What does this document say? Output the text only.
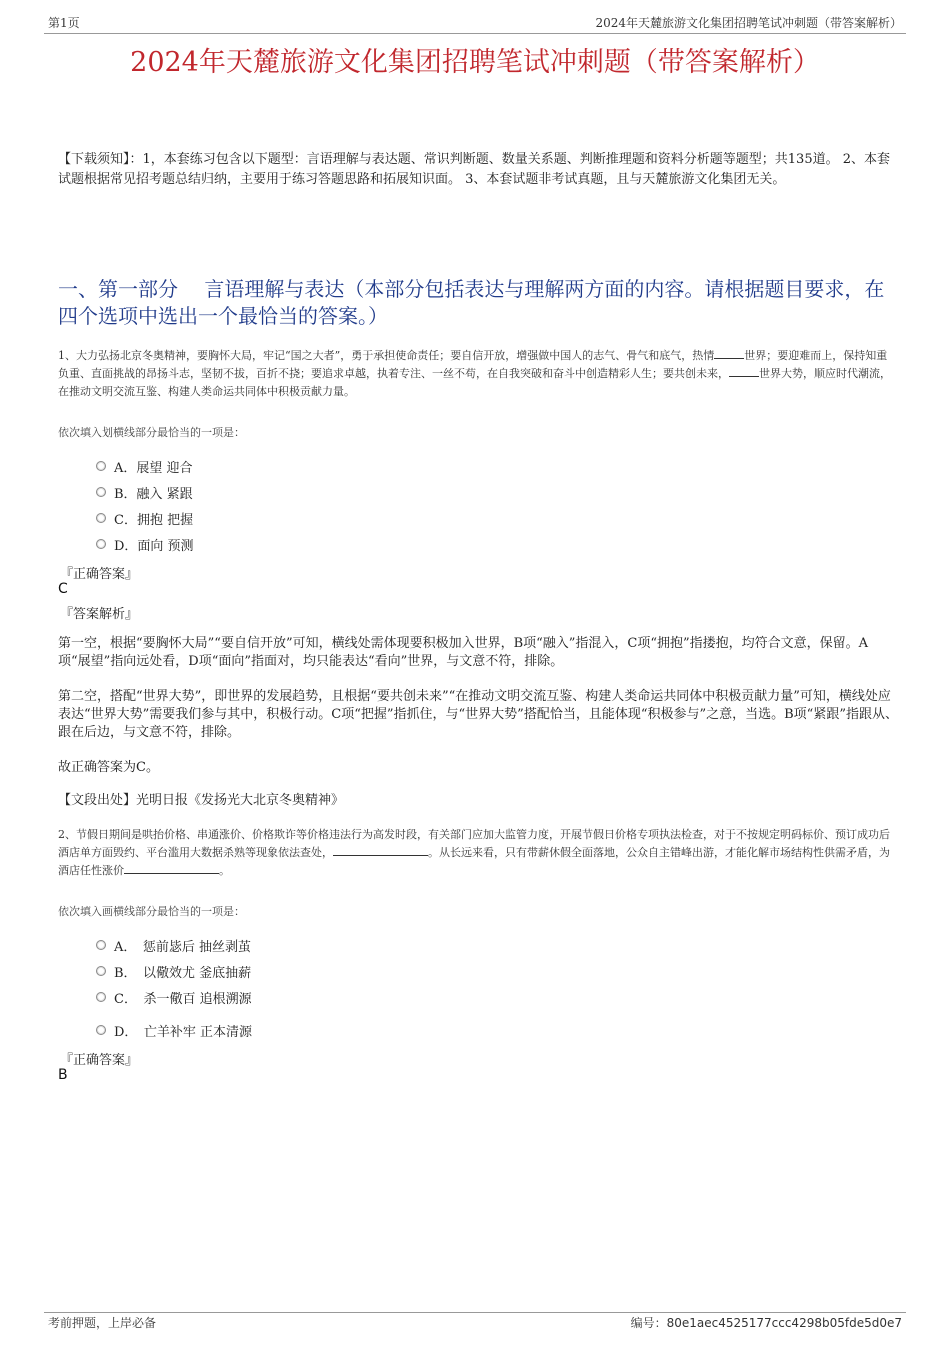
第1页	2024年天麓旅游文化集团招聘笔试冲刺题（带答案解析）
2024年天麓旅游文化集团招聘笔试冲刺题（带答案解析）
【下载须知】：1，本套练习包含以下题型：言语理解与表达题、常识判断题、数量关系题、判断推理题和资料分析题等题型；共135道。 2、本套试题根据常见招考题总结归纳，主要用于练习答题思路和拓展知识面。 3、本套试题非考试真题，且与天麓旅游文化集团无关。
一、第一部分　 言语理解与表达（本部分包括表达与理解两方面的内容。请根据题目要求，在四个选项中选出一个最恰当的答案。）
1、大力弘扬北京冬奥精神，要胸怀大局，牢记“国之大者”，勇于承担使命责任；要自信开放，增强做中国人的志气、骨气和底气，热情	世界；要迎难而上，保持知重负重、直面挑战的昂扬斗志，坚韧不拔，百折不挠；要追求卓越，执着专注、一丝不苟，在自我突破和奋斗中创造精彩人生；要共创未来，	世界大势，顺应时代潮流，在推动文明交流互鉴、构建人类命运共同体中积极贡献力量。
依次填入划横线部分最恰当的一项是：
A．展望 迎合
B．融入 紧跟
C．拥抱 把握
D．面向 预测
『正确答案』
C
『答案解析』
第一空，根据“要胸怀大局”“要自信开放”可知，横线处需体现要积极加入世界，B项“融入”指混入，C项“拥抱”指搂抱，均符合文意，保留。A项“展望”指向远处看，D项“面向”指面对，均只能表达“看向”世界，与文意不符，排除。
第二空，搭配“世界大势”，即世界的发展趋势，且根据“要共创未来”“在推动文明交流互鉴、构建人类命运共同体中积极贡献力量”可知，横线处应表达“世界大势”需要我们参与其中，积极行动。C项“把握”指抓住，与“世界大势”搭配恰当，且能体现“积极参与”之意，当选。B项“紧跟”指跟从、跟在后边，与文意不符，排除。
故正确答案为C。
【文段出处】光明日报《发扬光大北京冬奥精神》
2、节假日期间是哄抬价格、串通涨价、价格欺诈等价格违法行为高发时段，有关部门应加大监管力度，开展节假日价格专项执法检查，对于不按规定明码标价、预订成功后酒店单方面毁约、平台滥用大数据杀熟等现象依法查处，	。从长远来看，只有带薪休假全面落地，公众自主错峰出游，才能化解市场结构性供需矛盾，为酒店任性涨价	。
依次填入画横线部分最恰当的一项是：
A．　惩前毖后 抽丝剥茧
B．　以儆效尤 釜底抽薪
C．　杀一儆百 追根溯源
D．　亡羊补牢 正本清源
『正确答案』
B
考前押题，上岸必备	编号：80e1aec4525177ccc4298b05fde5d0e7
